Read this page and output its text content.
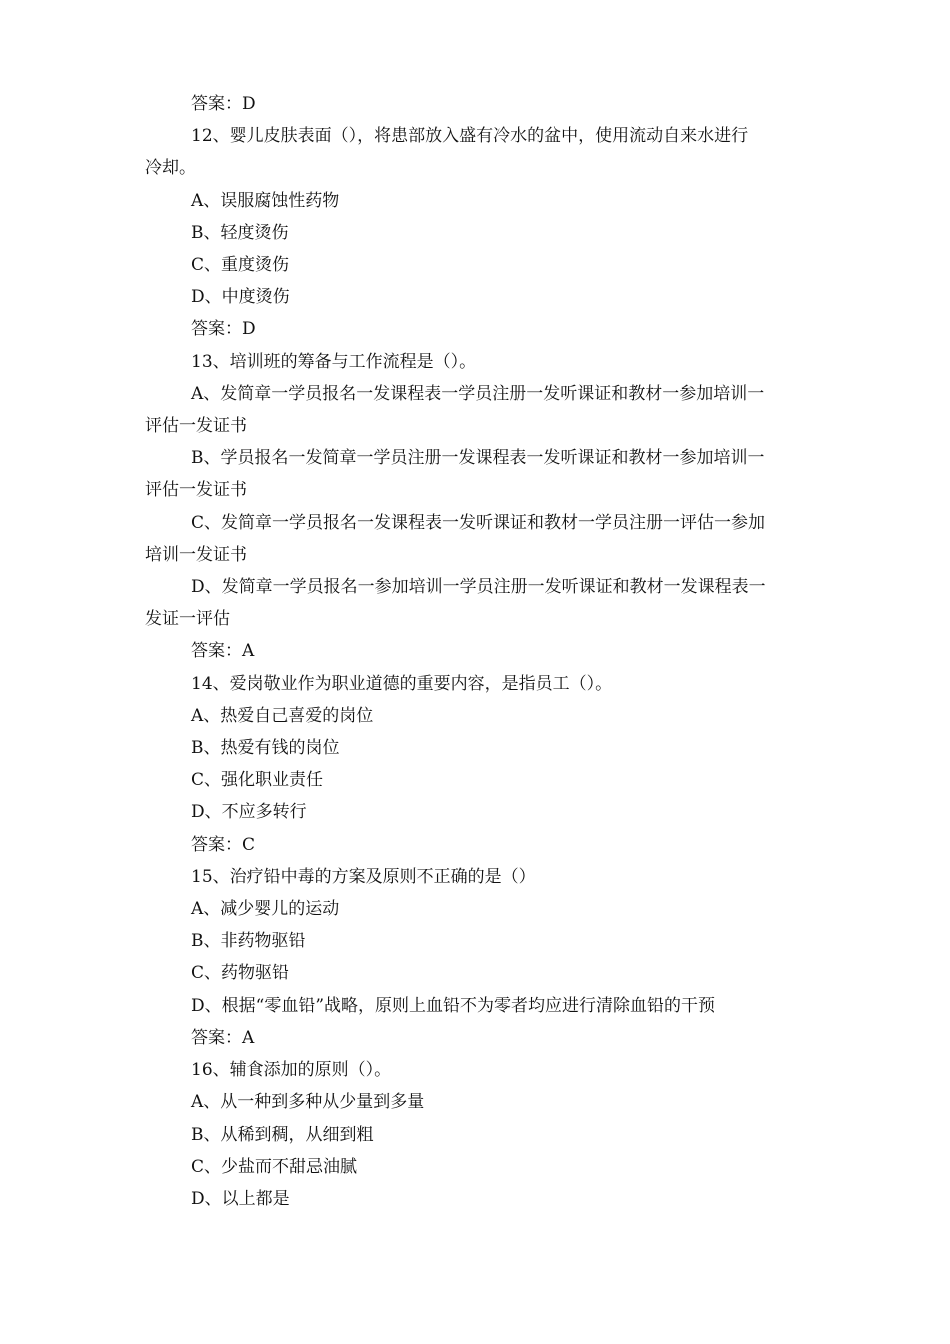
答案：D

12、婴儿皮肤表面（），将患部放入盛有冷水的盆中，使用流动自来水进行

冷却。

A、误服腐蚀性药物

B、轻度烫伤

C、重度烫伤

D、中度烫伤

答案：D

13、培训班的筹备与工作流程是（）。

A、发简章一学员报名一发课程表一学员注册一发听课证和教材一参加培训一

评估一发证书

B、学员报名一发简章一学员注册一发课程表一发听课证和教材一参加培训一

评估一发证书

C、发简章一学员报名一发课程表一发听课证和教材一学员注册一评估一参加

培训一发证书

D、发简章一学员报名一参加培训一学员注册一发听课证和教材一发课程表一

发证一评估

答案：A

14、爱岗敬业作为职业道德的重要内容，是指员工（）。

A、热爱自己喜爱的岗位

B、热爱有钱的岗位

C、强化职业责任

D、不应多转行

答案：C

15、治疗铅中毒的方案及原则不正确的是（）

A、减少婴儿的运动

B、非药物驱铅

C、药物驱铅

D、根据“零血铅”战略，原则上血铅不为零者均应进行清除血铅的干预

答案：A

16、辅食添加的原则（）。

A、从一种到多种从少量到多量

B、从稀到稠，从细到粗

C、少盐而不甜忌油腻

D、以上都是
